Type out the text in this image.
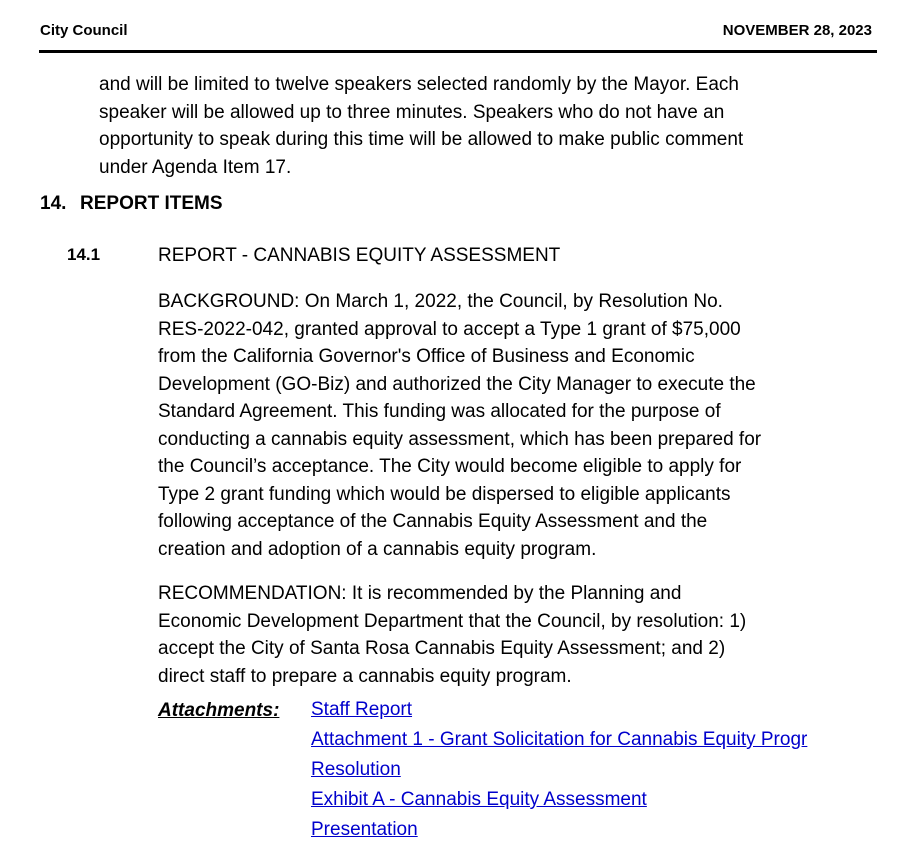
City Council	NOVEMBER 28, 2023
and will be limited to twelve speakers selected randomly by the Mayor. Each
speaker will be allowed up to three minutes. Speakers who do not have an
opportunity to speak during this time will be allowed to make public comment
under Agenda Item 17.
14. REPORT ITEMS
14.1	REPORT - CANNABIS EQUITY ASSESSMENT
BACKGROUND: On March 1, 2022, the Council, by Resolution No.
RES-2022-042, granted approval to accept a Type 1 grant of $75,000
from the California Governor's Office of Business and Economic
Development (GO-Biz) and authorized the City Manager to execute the
Standard Agreement. This funding was allocated for the purpose of
conducting a cannabis equity assessment, which has been prepared for
the Council’s acceptance. The City would become eligible to apply for
Type 2 grant funding which would be dispersed to eligible applicants
following acceptance of the Cannabis Equity Assessment and the
creation and adoption of a cannabis equity program.
RECOMMENDATION: It is recommended by the Planning and
Economic Development Department that the Council, by resolution: 1)
accept the City of Santa Rosa Cannabis Equity Assessment; and 2)
direct staff to prepare a cannabis equity program.
Attachments: Staff Report
Attachment 1 - Grant Solicitation for Cannabis Equity Progr
Resolution
Exhibit A - Cannabis Equity Assessment
Presentation
